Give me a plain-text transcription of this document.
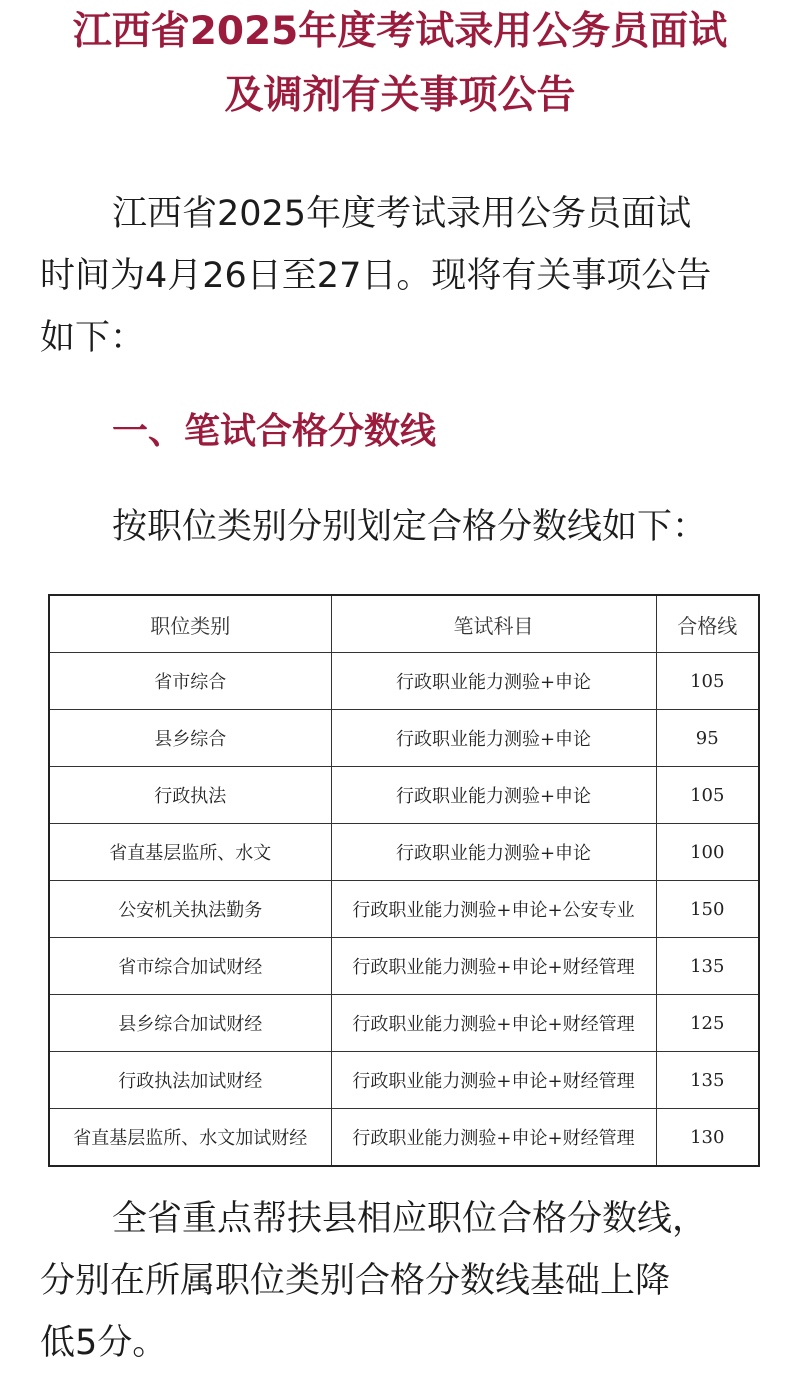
江西省2025年度考试录用公务员面试
及调剂有关事项公告
江西省2025年度考试录用公务员面试
时间为4月26日至27日。现将有关事项公告
如下：
一、笔试合格分数线
按职位类别分别划定合格分数线如下：
职位类别	笔试科目	合格线
省市综合	行政职业能力测验+申论	105
县乡综合	行政职业能力测验+申论	95
行政执法	行政职业能力测验+申论	105
省直基层监所、水文	行政职业能力测验+申论	100
公安机关执法勤务	行政职业能力测验+申论+公安专业	150
省市综合加试财经	行政职业能力测验+申论+财经管理	135
县乡综合加试财经	行政职业能力测验+申论+财经管理	125
行政执法加试财经	行政职业能力测验+申论+财经管理	135
省直基层监所、水文加试财经	行政职业能力测验+申论+财经管理	130
全省重点帮扶县相应职位合格分数线，
分别在所属职位类别合格分数线基础上降
低5分。
